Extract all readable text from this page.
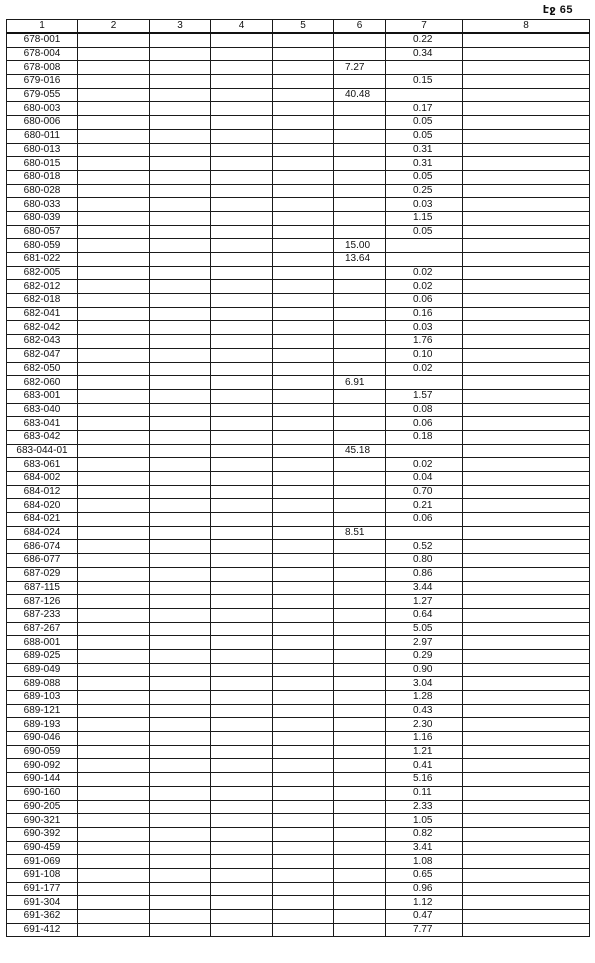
էջ 65
1	2	3	4	5	6	7	8
678-001						0.22	
678-004						0.34	
678-008					7.27		
679-016						0.15	
679-055					40.48		
680-003						0.17	
680-006						0.05	
680-011						0.05	
680-013						0.31	
680-015						0.31	
680-018						0.05	
680-028						0.25	
680-033						0.03	
680-039						1.15	
680-057						0.05	
680-059					15.00		
681-022					13.64		
682-005						0.02	
682-012						0.02	
682-018						0.06	
682-041						0.16	
682-042						0.03	
682-043						1.76	
682-047						0.10	
682-050						0.02	
682-060					6.91		
683-001						1.57	
683-040						0.08	
683-041						0.06	
683-042						0.18	
683-044-01					45.18		
683-061						0.02	
684-002						0.04	
684-012						0.70	
684-020						0.21	
684-021						0.06	
684-024					8.51		
686-074						0.52	
686-077						0.80	
687-029						0.86	
687-115						3.44	
687-126						1.27	
687-233						0.64	
687-267						5.05	
688-001						2.97	
689-025						0.29	
689-049						0.90	
689-088						3.04	
689-103						1.28	
689-121						0.43	
689-193						2.30	
690-046						1.16	
690-059						1.21	
690-092						0.41	
690-144						5.16	
690-160						0.11	
690-205						2.33	
690-321						1.05	
690-392						0.82	
690-459						3.41	
691-069						1.08	
691-108						0.65	
691-177						0.96	
691-304						1.12	
691-362						0.47	
691-412						7.77	
